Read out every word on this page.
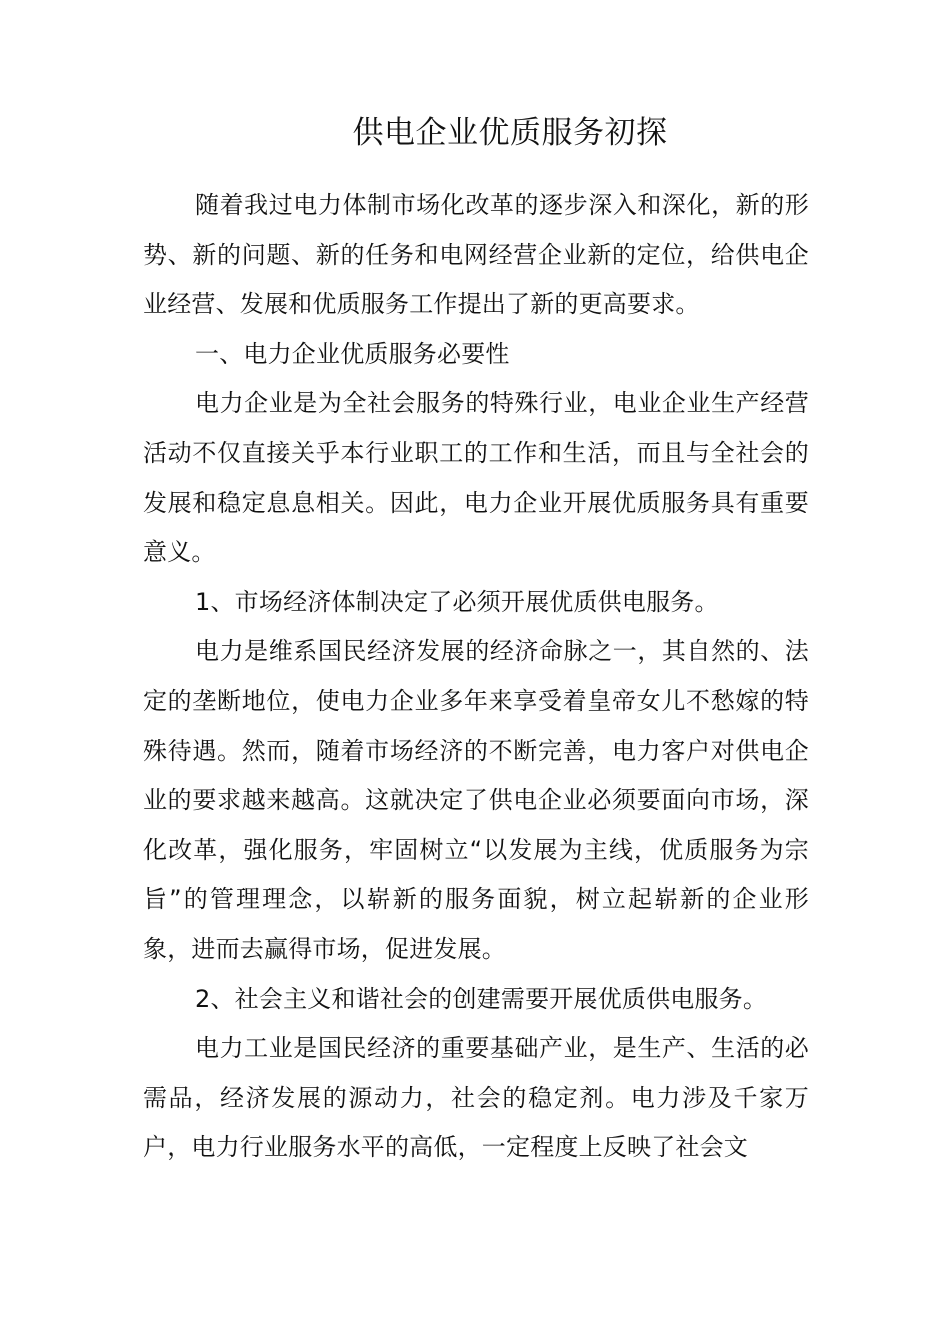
供电企业优质服务初探

随着我过电力体制市场化改革的逐步深入和深化，新的形势、新的问题、新的任务和电网经营企业新的定位，给供电企业经营、发展和优质服务工作提出了新的更高要求。

一、电力企业优质服务必要性

电力企业是为全社会服务的特殊行业，电业企业生产经营活动不仅直接关乎本行业职工的工作和生活，而且与全社会的发展和稳定息息相关。因此，电力企业开展优质服务具有重要意义。

1、市场经济体制决定了必须开展优质供电服务。

电力是维系国民经济发展的经济命脉之一，其自然的、法定的垄断地位，使电力企业多年来享受着皇帝女儿不愁嫁的特殊待遇。然而，随着市场经济的不断完善，电力客户对供电企业的要求越来越高。这就决定了供电企业必须要面向市场，深化改革，强化服务，牢固树立“以发展为主线，优质服务为宗旨”的管理理念，以崭新的服务面貌，树立起崭新的企业形象，进而去赢得市场，促进发展。

2、社会主义和谐社会的创建需要开展优质供电服务。

电力工业是国民经济的重要基础产业，是生产、生活的必需品，经济发展的源动力，社会的稳定剂。电力涉及千家万户，电力行业服务水平的高低，一定程度上反映了社会文
